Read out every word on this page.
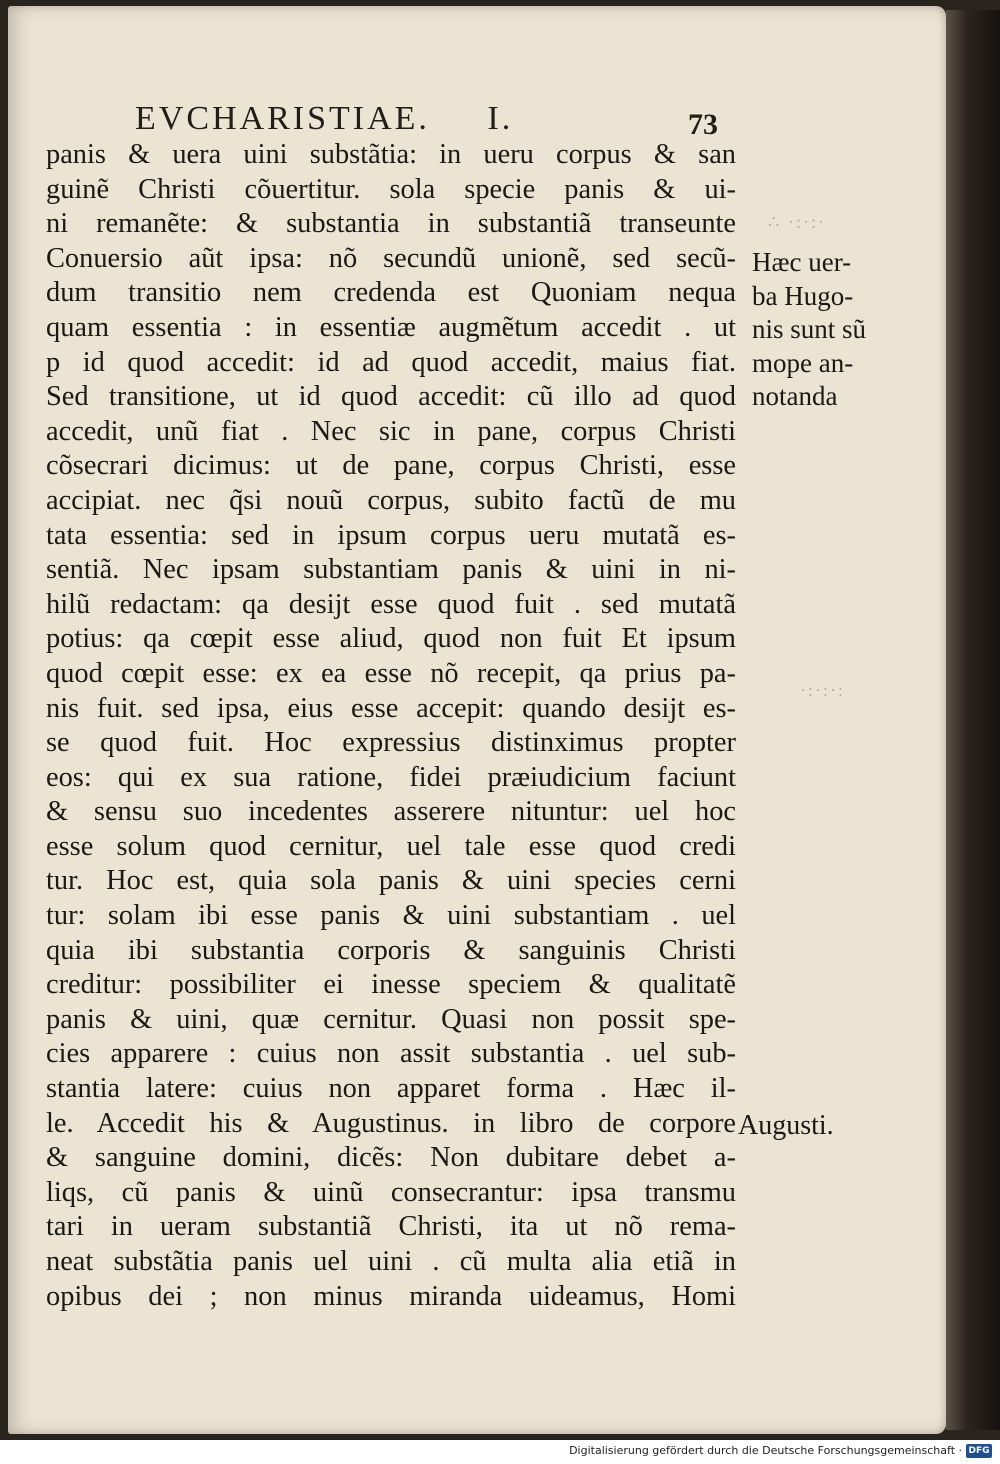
EVCHARISTIAE.     I.	73
panis & uera uini substãtia: in ueru corpus & san
guinẽ Christi cõuertitur. sola specie panis & ui-
ni remanẽte: & substantia in substantiã transeunte
Conuersio aũt ipsa: nõ secundũ unionẽ, sed secũ-
dum transitio nem credenda est Quoniam nequa
quam essentia : in essentiæ augmẽtum accedit . ut
p id quod accedit: id ad quod accedit, maius fiat.
Sed transitione, ut id quod accedit: cũ illo ad quod
accedit, unũ fiat . Nec sic in pane, corpus Christi
cõsecrari dicimus: ut de pane, corpus Christi, esse
accipiat. nec q̃si nouũ corpus, subito factũ de mu
tata essentia: sed in ipsum corpus ueru mutatã es-
sentiã. Nec ipsam substantiam panis & uini in ni-
hilũ redactam: qa desijt esse quod fuit . sed mutatã
potius: qa cœpit esse aliud, quod non fuit Et ipsum
quod cœpit esse: ex ea esse nõ recepit, qa prius pa-
nis fuit. sed ipsa, eius esse accepit: quando desijt es-
se quod fuit. Hoc expressius distinximus propter
eos: qui ex sua ratione, fidei præiudicium faciunt
& sensu suo incedentes asserere nituntur: uel hoc
esse solum quod cernitur, uel tale esse quod credi
tur. Hoc est, quia sola panis & uini species cerni
tur: solam ibi esse panis & uini substantiam . uel
quia ibi substantia corporis & sanguinis Christi
creditur: possibiliter ei inesse speciem & qualitatẽ
panis & uini, quæ cernitur. Quasi non possit spe-
cies apparere : cuius non assit substantia . uel sub-
stantia latere: cuius non apparet forma . Hæc il-
le. Accedit his & Augustinus. in libro de corpore
& sanguine domini, dicẽs: Non dubitare debet a-
liqs, cũ panis & uinũ consecrantur: ipsa transmu
tari in ueram substantiã Christi, ita ut nõ rema-
neat substãtia panis uel uini . cũ multa alia etiã in
opibus dei ; non minus miranda uideamus, Homi
Hæc uer-
ba Hugo-
nis sunt sũ
mope an-
notanda
Augusti.
∴ ·:·:·
·:·:·:
Digitalisierung gefördert durch die Deutsche Forschungsgemeinschaft · DFG
